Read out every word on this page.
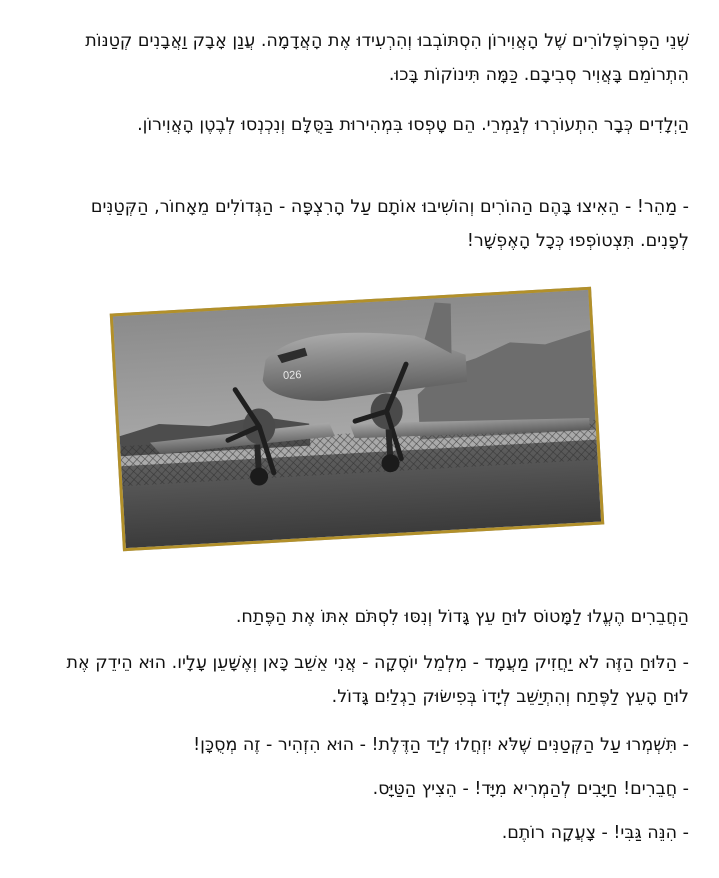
שְׁנֵי הַפְּרוֹפֶּלוֹרִים שֶׁל הָאֲוִירוֹן הִסְתּוֹבְבוּ וְהִרְעִידוּ אֶת הָאֲדָמָה. עֲנַן אָבָק וַאֲבָנִים קְטַנּוֹת הִתְרוֹמֵם בָּאֲוִיר סְבִיבָם. כַּמָּה תִּינוֹקוֹת בָּכוּ.

הַיְלָדִים כְּבָר הִתְעוֹרְרוּ לְגַמְרֵי. הֵם טָפְסוּ בִּמְהִירוּת בַּסֻּלָּם וְנִכְנְסוּ לְבֶטֶן הָאֲוִירוֹן.

- מַהֵר! - הֵאִיצוּ בָּהֶם הַהוֹרִים וְהוֹשִׁיבוּ אוֹתָם עַל הָרִצְפָּה - הַגְּדוֹלִים מֵאָחוֹר, הַקְּטַנִּים לְפָנִים. תִּצְטוֹפְפוּ כְּכָל הָאֶפְשָׁר!

026

הַחֲבֵרִים הֶעֱלוּ לַמָּטוֹס לוּחַ עֵץ גָּדוֹל וְנִסּוּ לִסְתֹּם אִתּוֹ אֶת הַפֶּתַח.

- הַלּוּחַ הַזֶּה לֹא יַחֲזִיק מַעֲמָד - מִלְמֵל יוֹסֶקָה - אֲנִי אֵשֵׁב כָּאן וְאֶשָּׁעֵן עָלָיו. הוּא הֵידֵק אֶת לוּחַ הָעֵץ לַפֶּתַח וְהִתְיַשֵּׁב לְיָדוֹ בְּפִישּׂוּק רַגְלַיִם גָּדוֹל.

- תִּשְׁמְרוּ עַל הַקְּטַנִּים שֶׁלֹּא יִזְחֲלוּ לְיַד הַדֶּלֶת! - הוּא הִזְהִיר - זֶה מְסֻכָּן!

- חֲבֵרִים! חַיָּבִים לְהַמְרִיא מִיָּד! - הֵצִיץ הַטַּיָּס.

- הִנֵּה גַּבִּי! - צָעֲקָה רוֹתֶם.
